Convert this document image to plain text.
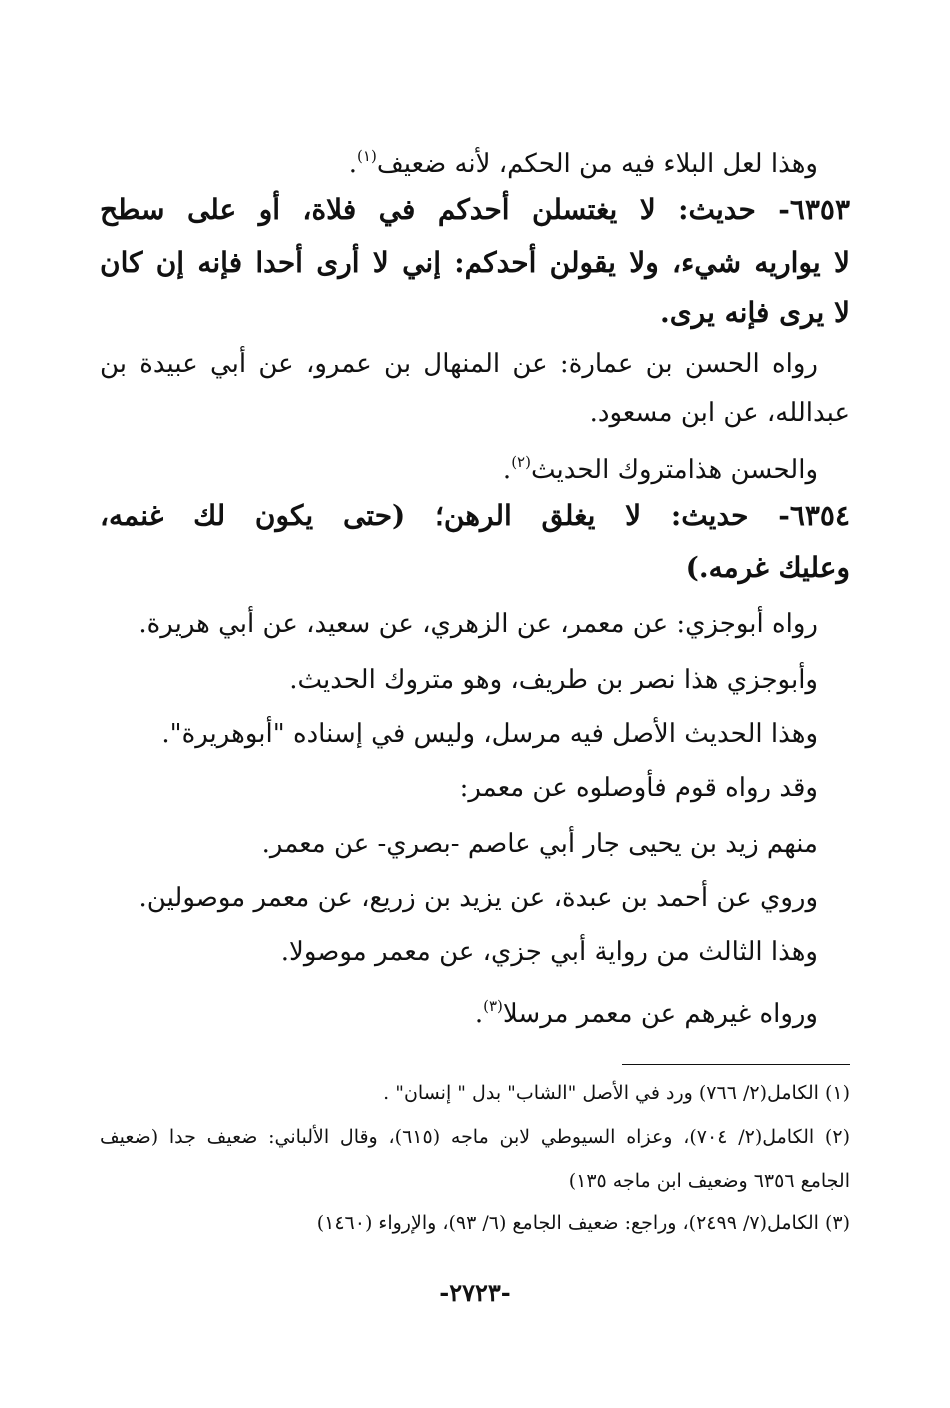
وهذا لعل البلاء فيه من الحكم، لأنه ضعيف$^{(١)}$.
٦٣٥٣- حديث: لا يغتسلن أحدكم في فلاة، أو على سطح
لا يواريه شيء، ولا يقولن أحدكم: إني لا أرى أحدا فإنه إن كان
لا يرى فإنه يرى.
رواه الحسن بن عمارة: عن المنهال بن عمرو، عن أبي عبيدة بن
عبدالله، عن ابن مسعود.
والحسن هذامتروك الحديث$^{(٢)}$.
٦٣٥٤- حديث: لا يغلق الرهن؛ (حتى يكون لك غنمه،
وعليك غرمه.)
رواه أبوجزي: عن معمر، عن الزهري، عن سعيد، عن أبي هريرة.
وأبوجزي هذا نصر بن طريف، وهو متروك الحديث.
وهذا الحديث الأصل فيه مرسل، وليس في إسناده "أبوهريرة".
وقد رواه قوم فأوصلوه عن معمر:
منهم زيد بن يحيى جار أبي عاصم -بصري- عن معمر.
وروي عن أحمد بن عبدة، عن يزيد بن زريع، عن معمر موصولين.
وهذا الثالث من رواية أبي جزي، عن معمر موصولا.
ورواه غيرهم عن معمر مرسلا$^{(٣)}$.
(١) الكامل(٢/ ٧٦٦) ورد في الأصل "الشاب" بدل " إنسان" .
(٢) الكامل(٢/ ٧٠٤)، وعزاه السيوطي لابن ماجه (٦١٥)، وقال الألباني: ضعيف جدا (ضعيف
الجامع ٦٣٥٦ وضعيف ابن ماجه ١٣٥)
(٣) الكامل(٧/ ٢٤٩٩)، وراجع: ضعيف الجامع (٦/ ٩٣)، والإرواء (١٤٦٠)
-٢٧٢٣-
